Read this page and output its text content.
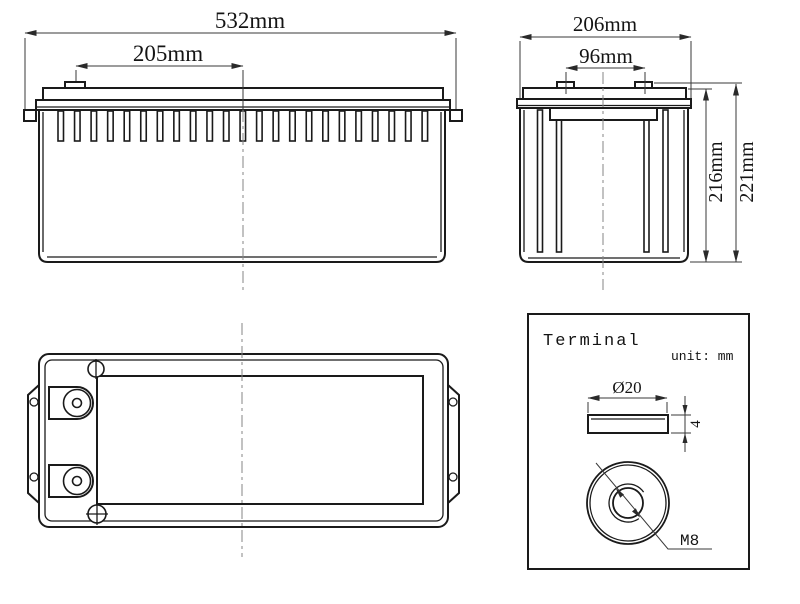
532mm
205mm
206mm
96mm
216mm 221mm
Terminal
unit: mm
Ø20
4
M8
